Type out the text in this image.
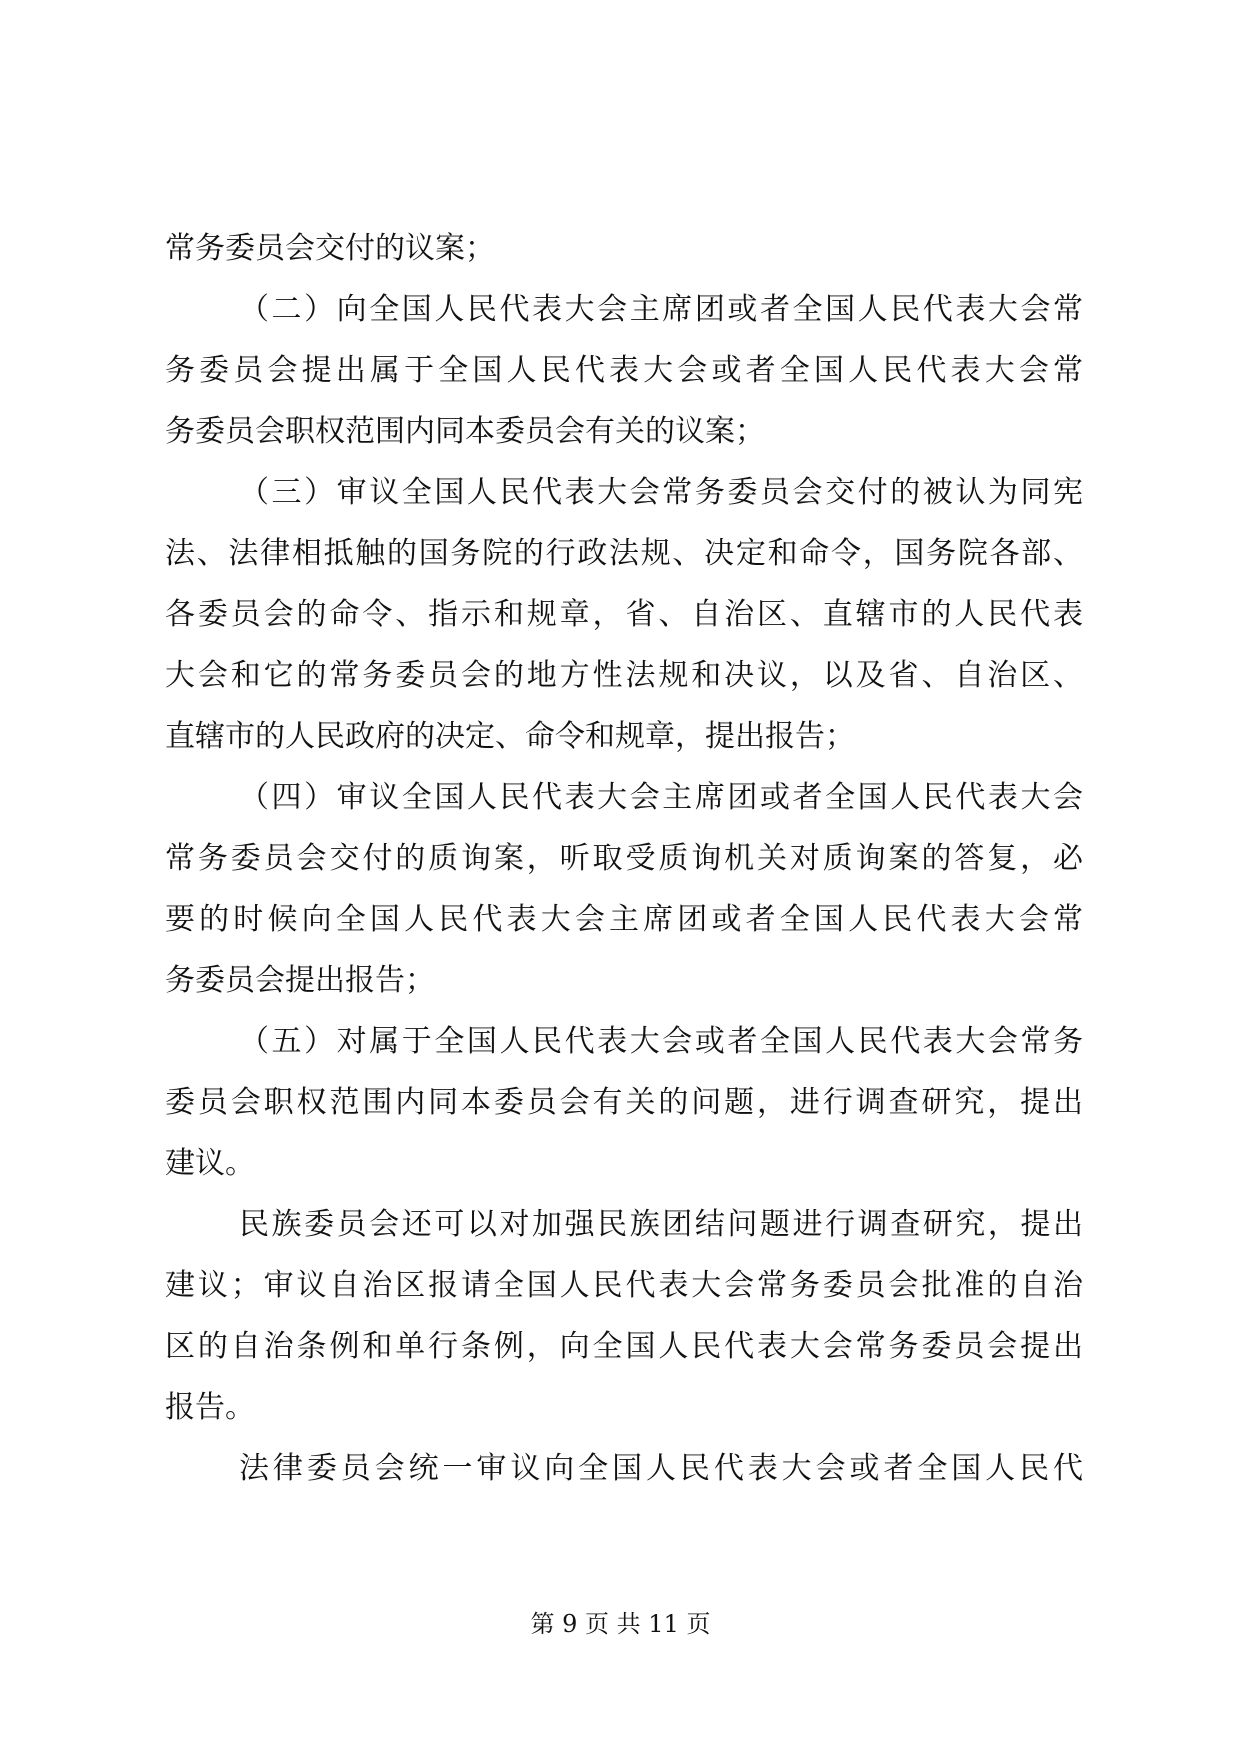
常务委员会交付的议案；
（二）向全国人民代表大会主席团或者全国人民代表大会常
务委员会提出属于全国人民代表大会或者全国人民代表大会常
务委员会职权范围内同本委员会有关的议案；
（三）审议全国人民代表大会常务委员会交付的被认为同宪
法、法律相抵触的国务院的行政法规、决定和命令，国务院各部、
各委员会的命令、指示和规章，省、自治区、直辖市的人民代表
大会和它的常务委员会的地方性法规和决议，以及省、自治区、
直辖市的人民政府的决定、命令和规章，提出报告；
（四）审议全国人民代表大会主席团或者全国人民代表大会
常务委员会交付的质询案，听取受质询机关对质询案的答复，必
要的时候向全国人民代表大会主席团或者全国人民代表大会常
务委员会提出报告；
（五）对属于全国人民代表大会或者全国人民代表大会常务
委员会职权范围内同本委员会有关的问题，进行调查研究，提出
建议。
民族委员会还可以对加强民族团结问题进行调查研究，提出
建议；审议自治区报请全国人民代表大会常务委员会批准的自治
区的自治条例和单行条例，向全国人民代表大会常务委员会提出
报告。
法律委员会统一审议向全国人民代表大会或者全国人民代
第 9 页 共 11 页
